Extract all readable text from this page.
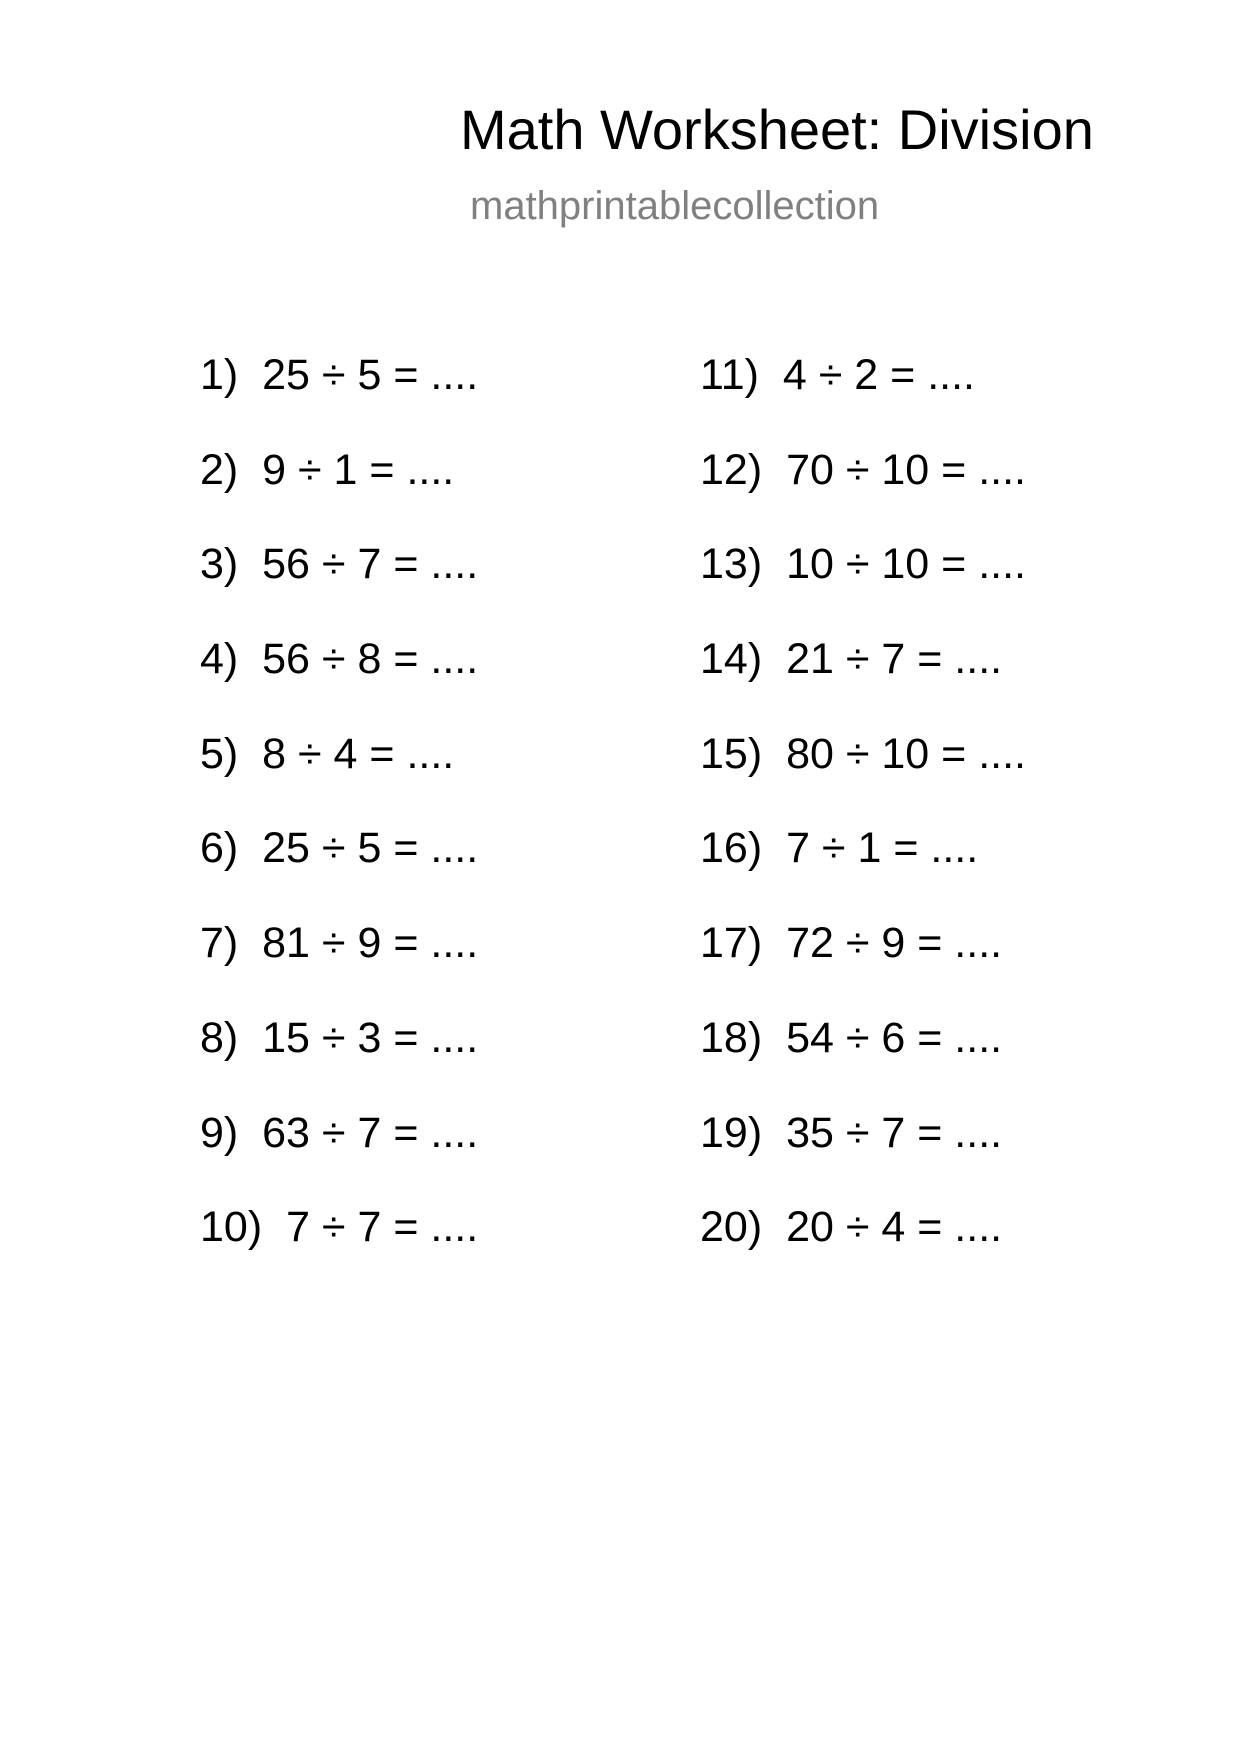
Math Worksheet: Division
mathprintablecollection
1) 25 ÷ 5 = ....
2) 9 ÷ 1 = ....
3) 56 ÷ 7 = ....
4) 56 ÷ 8 = ....
5) 8 ÷ 4 = ....
6) 25 ÷ 5 = ....
7) 81 ÷ 9 = ....
8) 15 ÷ 3 = ....
9) 63 ÷ 7 = ....
10) 7 ÷ 7 = ....
11) 4 ÷ 2 = ....
12) 70 ÷ 10 = ....
13) 10 ÷ 10 = ....
14) 21 ÷ 7 = ....
15) 80 ÷ 10 = ....
16) 7 ÷ 1 = ....
17) 72 ÷ 9 = ....
18) 54 ÷ 6 = ....
19) 35 ÷ 7 = ....
20) 20 ÷ 4 = ....
